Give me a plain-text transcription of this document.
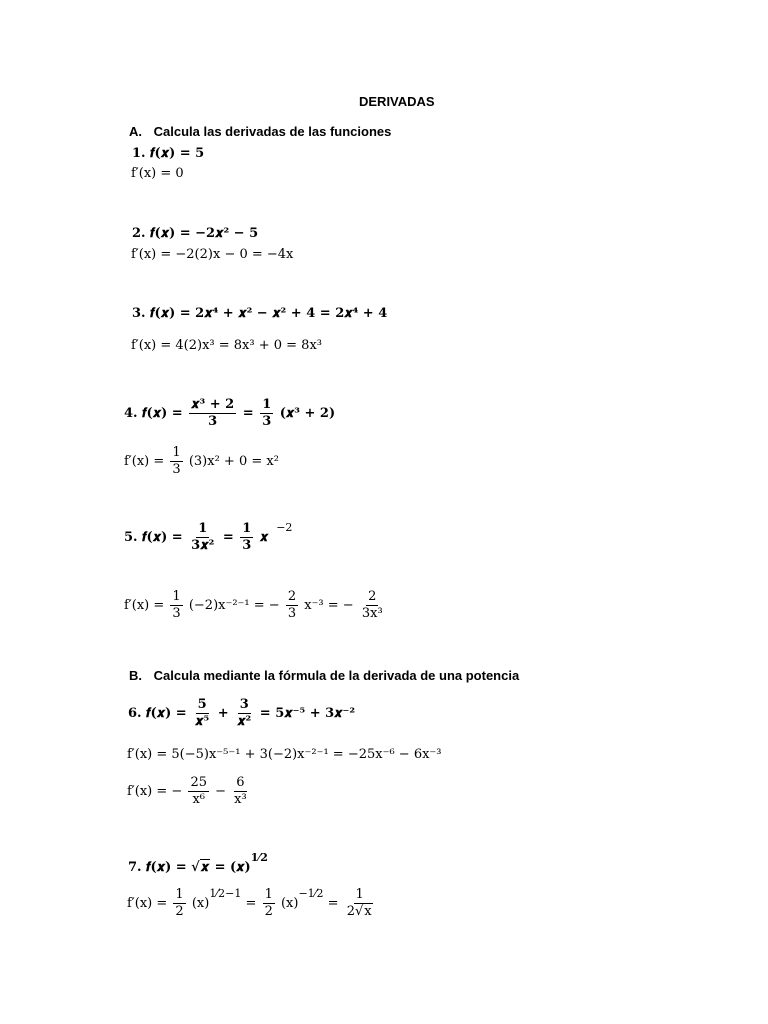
DERIVADAS
A. Calcula las derivadas de las funciones
1. 𝒇(𝒙) = 𝟓
f′(x) = 0
2. 𝒇(𝒙) = −𝟐𝒙² − 𝟓
f′(x) = −2(2)x − 0 = −4x
3. 𝒇(𝒙) = 𝟐𝒙⁴ + 𝒙² − 𝒙² + 𝟒 = 𝟐𝒙⁴ + 𝟒
f′(x) = 4(2)x³ = 8x³ + 0 = 8x³
4. 𝒇(𝒙) = $\frac{\text{𝒙³ + 𝟐}}{𝟑} = \frac{𝟏}{𝟑}$ (𝒙³ + 𝟐)
$f'(x) = \frac{1}{3} (3)x^2 + 0 = x^2$
5. 𝒇(𝒙) = $\frac{𝟏}{\text{𝟑𝒙²}} = \frac{𝟏}{𝟑}$ 𝒙$^{-2}$
$f'(x) = \frac{1}{3} (-2)x^{-2-1}$ = − $\frac{2}{3} x^{-3}$ = − $\frac{2}{\text{3x³}}$
B. Calcula mediante la fórmula de la derivada de una potencia
6. 𝒇(𝒙) = $\frac{𝟓}{\text{𝒙⁵}} + \frac{𝟑}{\text{𝒙²}}$ = 𝟓𝒙⁻⁵ + 𝟑𝒙⁻²
f′(x) = 5(−5)x⁻⁵⁻¹ + 3(−2)x⁻²⁻¹ = −25x⁻⁶ − 6x⁻³
f′(x) = − $\frac{25}{\text{x⁶}} - \frac{6}{\text{x³}}$
7. 𝒇(𝒙) = √𝒙 = (𝒙)$^{𝟏⁄𝟐}$
$f'(x) = \frac{1}{2} (x)^{1⁄2-1} = \frac{1}{2} (x)^{-1⁄2} = \frac{1}{2√x}$
